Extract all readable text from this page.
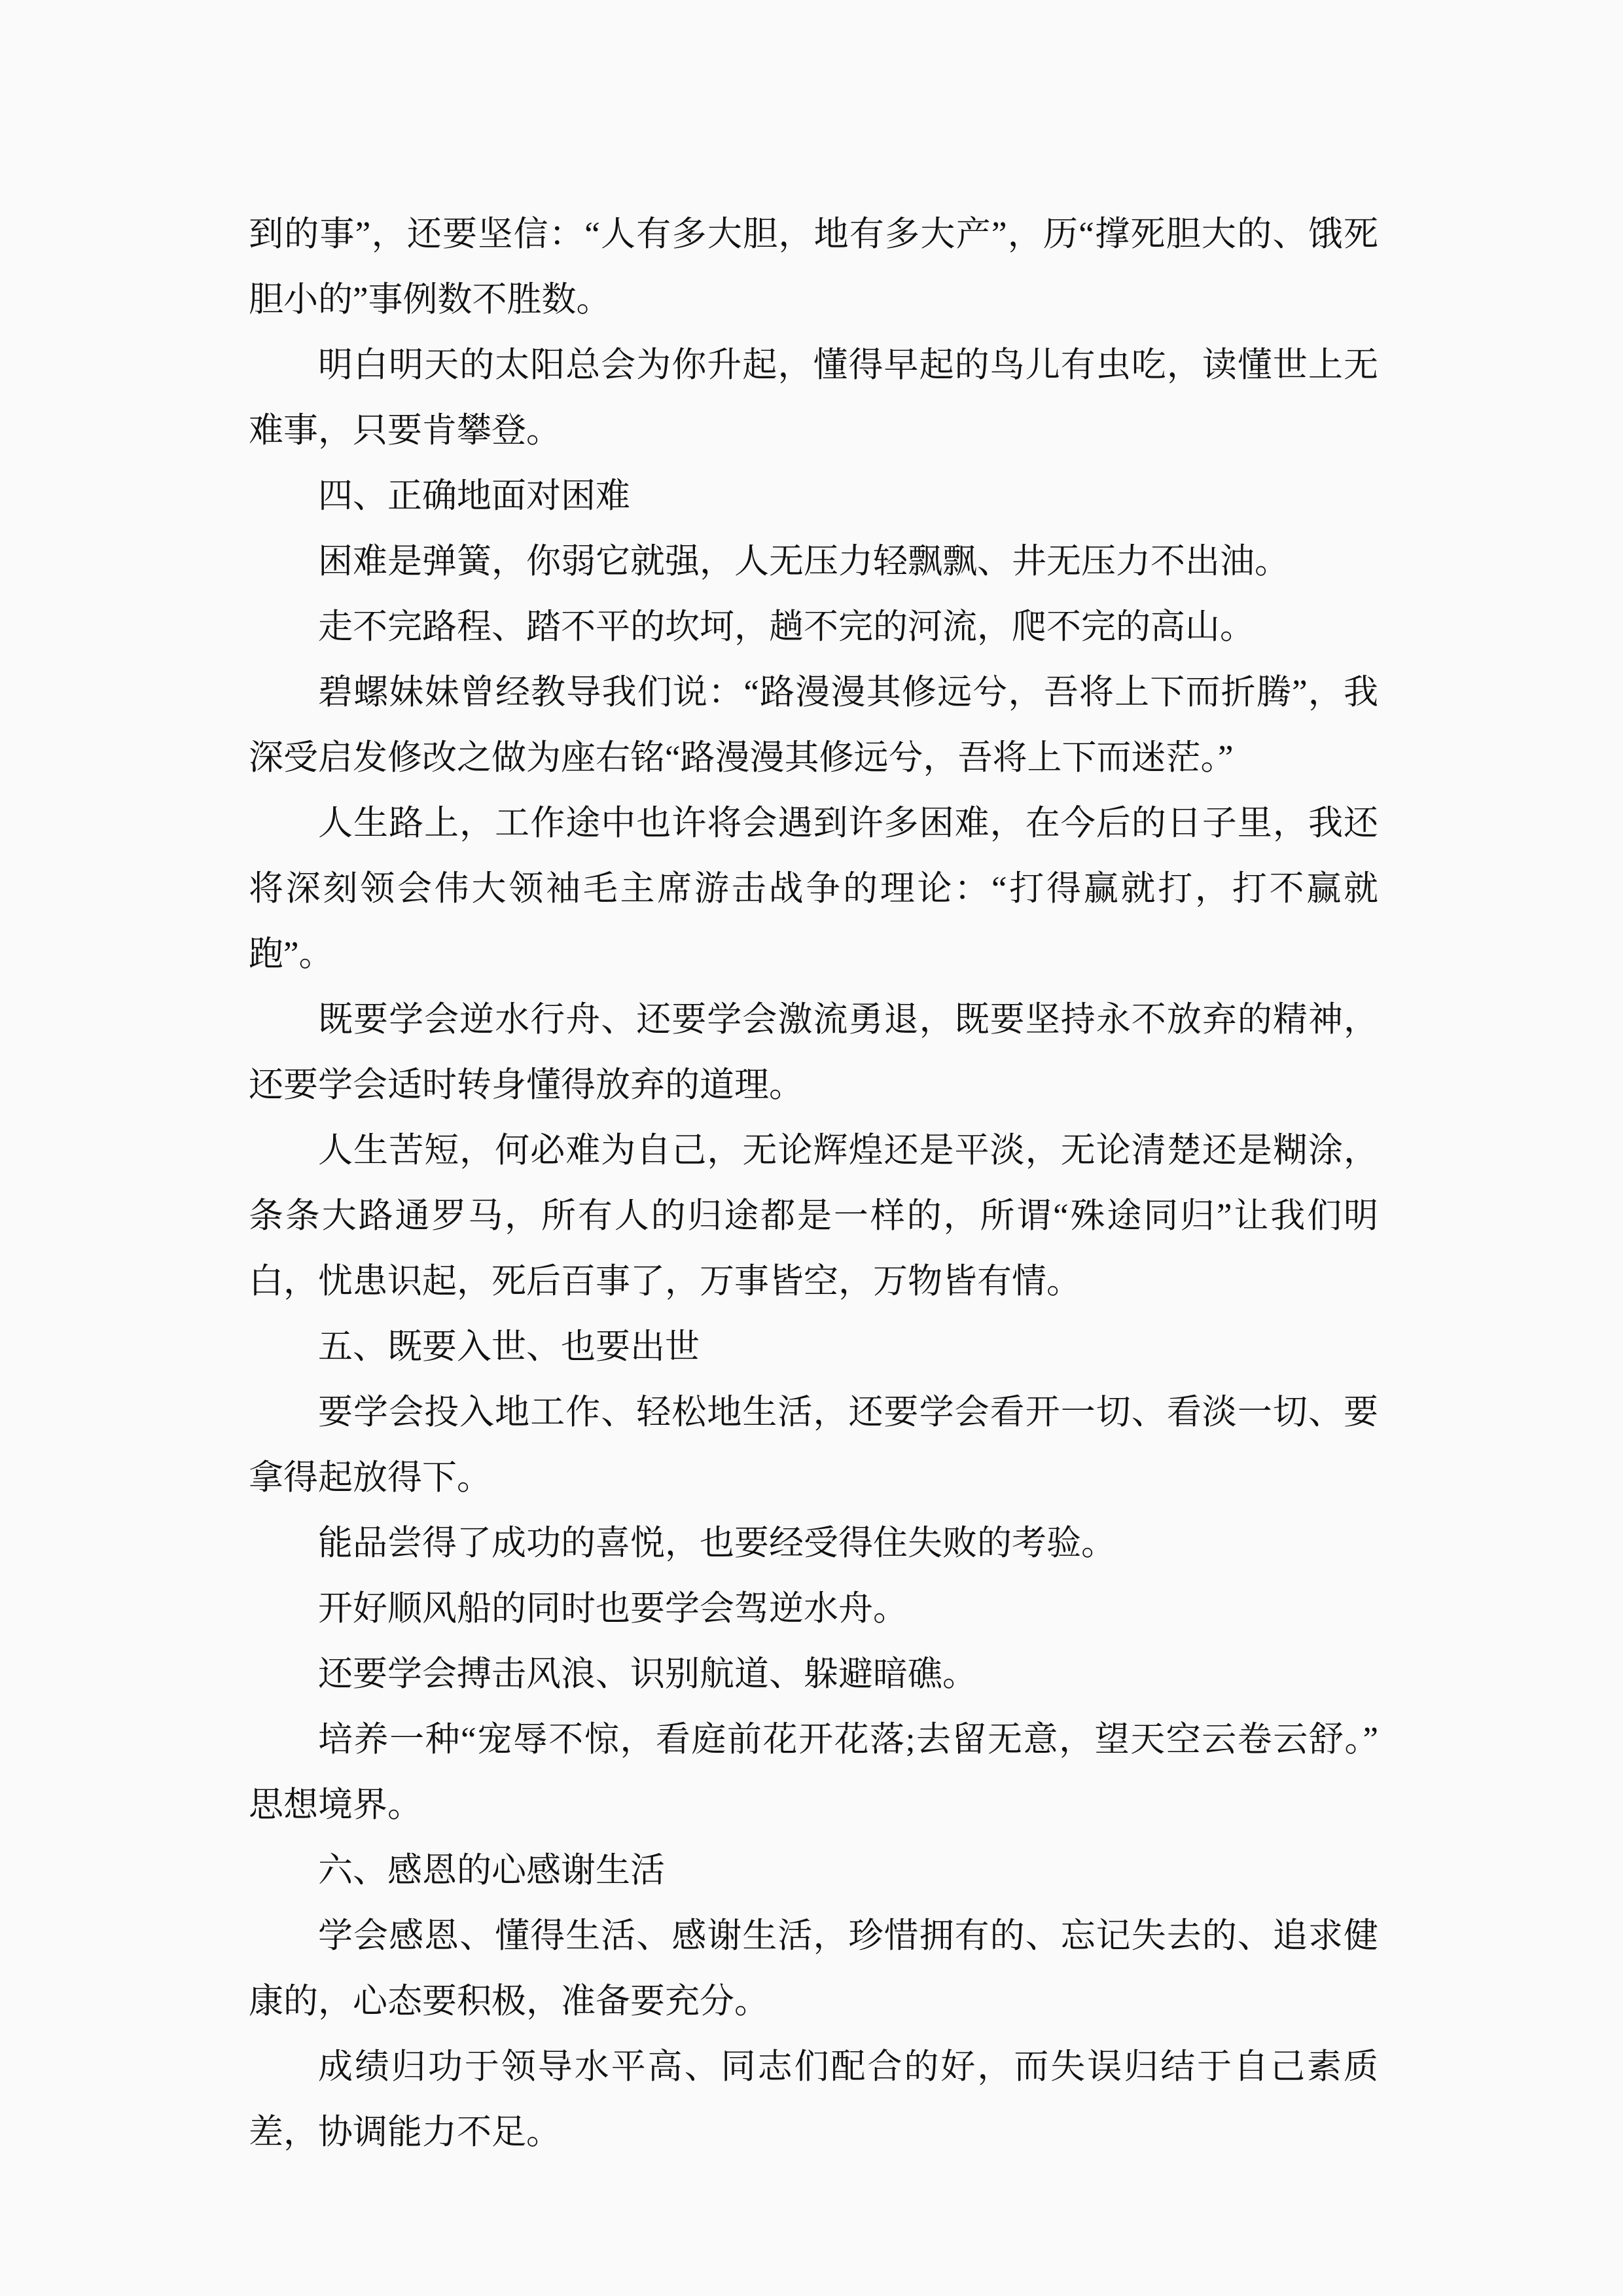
到的事”，还要坚信：“人有多大胆，地有多大产”，历“撑死胆大的、饿死胆小的”事例数不胜数。

明白明天的太阳总会为你升起，懂得早起的鸟儿有虫吃，读懂世上无难事，只要肯攀登。

四、正确地面对困难

困难是弹簧，你弱它就强，人无压力轻飘飘、井无压力不出油。

走不完路程、踏不平的坎坷，趟不完的河流，爬不完的高山。

碧螺妹妹曾经教导我们说：“路漫漫其修远兮，吾将上下而折腾”，我深受启发修改之做为座右铭“路漫漫其修远兮，吾将上下而迷茫。”

人生路上，工作途中也许将会遇到许多困难，在今后的日子里，我还将深刻领会伟大领袖毛主席游击战争的理论：“打得赢就打，打不赢就跑”。

既要学会逆水行舟、还要学会激流勇退，既要坚持永不放弃的精神，还要学会适时转身懂得放弃的道理。

人生苦短，何必难为自己，无论辉煌还是平淡，无论清楚还是糊涂，条条大路通罗马，所有人的归途都是一样的，所谓“殊途同归”让我们明白，忧患识起，死后百事了，万事皆空，万物皆有情。

五、既要入世、也要出世

要学会投入地工作、轻松地生活，还要学会看开一切、看淡一切、要拿得起放得下。

能品尝得了成功的喜悦，也要经受得住失败的考验。

开好顺风船的同时也要学会驾逆水舟。

还要学会搏击风浪、识别航道、躲避暗礁。

培养一种“宠辱不惊，看庭前花开花落;去留无意，望天空云卷云舒。”思想境界。

六、感恩的心感谢生活

学会感恩、懂得生活、感谢生活，珍惜拥有的、忘记失去的、追求健康的，心态要积极，准备要充分。

成绩归功于领导水平高、同志们配合的好，而失误归结于自己素质差，协调能力不足。
